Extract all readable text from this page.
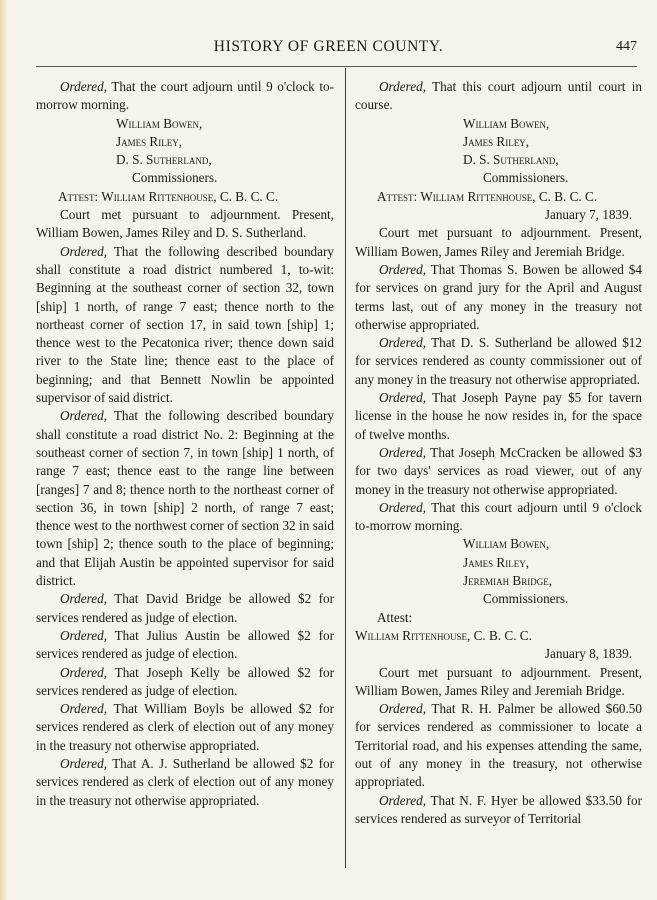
HISTORY OF GREEN COUNTY.	447

Ordered, That the court adjourn until 9 o'clock to-morrow morning.

William Bowen,

James Riley,

D. S. Sutherland,

Commissioners.

Attest: William Rittenhouse, C. B. C. C.

Court met pursuant to adjournment. Present, William Bowen, James Riley and D. S. Sutherland.

Ordered, That the following described boundary shall constitute a road district numbered 1, to-wit: Beginning at the southeast corner of section 32, town [ship] 1 north, of range 7 east; thence north to the northeast corner of section 17, in said town [ship] 1; thence west to the Pecatonica river; thence down said river to the State line; thence east to the place of beginning; and that Bennett Nowlin be appointed supervisor of said district.

Ordered, That the following described boundary shall constitute a road district No. 2: Beginning at the southeast corner of section 7, in town [ship] 1 north, of range 7 east; thence east to the range line between [ranges] 7 and 8; thence north to the northeast corner of section 36, in town [ship] 2 north, of range 7 east; thence west to the northwest corner of section 32 in said town [ship] 2; thence south to the place of beginning; and that Elijah Austin be appointed supervisor for said district.

Ordered, That David Bridge be allowed $2 for services rendered as judge of election.

Ordered, That Julius Austin be allowed $2 for services rendered as judge of election.

Ordered, That Joseph Kelly be allowed $2 for services rendered as judge of election.

Ordered, That William Boyls be allowed $2 for services rendered as clerk of election out of any money in the treasury not otherwise appropriated.

Ordered, That A. J. Sutherland be allowed $2 for services rendered as clerk of election out of any money in the treasury not otherwise appropriated.

Ordered, That this court adjourn until court in course.

William Bowen,

James Riley,

D. S. Sutherland,

Commissioners.

Attest: William Rittenhouse, C. B. C. C.

January 7, 1839.

Court met pursuant to adjournment. Present, William Bowen, James Riley and Jeremiah Bridge.

Ordered, That Thomas S. Bowen be allowed $4 for services on grand jury for the April and August terms last, out of any money in the treasury not otherwise appropriated.

Ordered, That D. S. Sutherland be allowed $12 for services rendered as county commissioner out of any money in the treasury not otherwise appropriated.

Ordered, That Joseph Payne pay $5 for tavern license in the house he now resides in, for the space of twelve months.

Ordered, That Joseph McCracken be allowed $3 for two days' services as road viewer, out of any money in the treasury not otherwise appropriated.

Ordered, That this court adjourn until 9 o'clock to-morrow morning.

William Bowen,

James Riley,

Jeremiah Bridge,

Commissioners.

Attest:

William Rittenhouse, C. B. C. C.

January 8, 1839.

Court met pursuant to adjournment. Present, William Bowen, James Riley and Jeremiah Bridge.

Ordered, That R. H. Palmer be allowed $60.50 for services rendered as commissioner to locate a Territorial road, and his expenses attending the same, out of any money in the treasury, not otherwise appropriated.

Ordered, That N. F. Hyer be allowed $33.50 for services rendered as surveyor of Territorial
